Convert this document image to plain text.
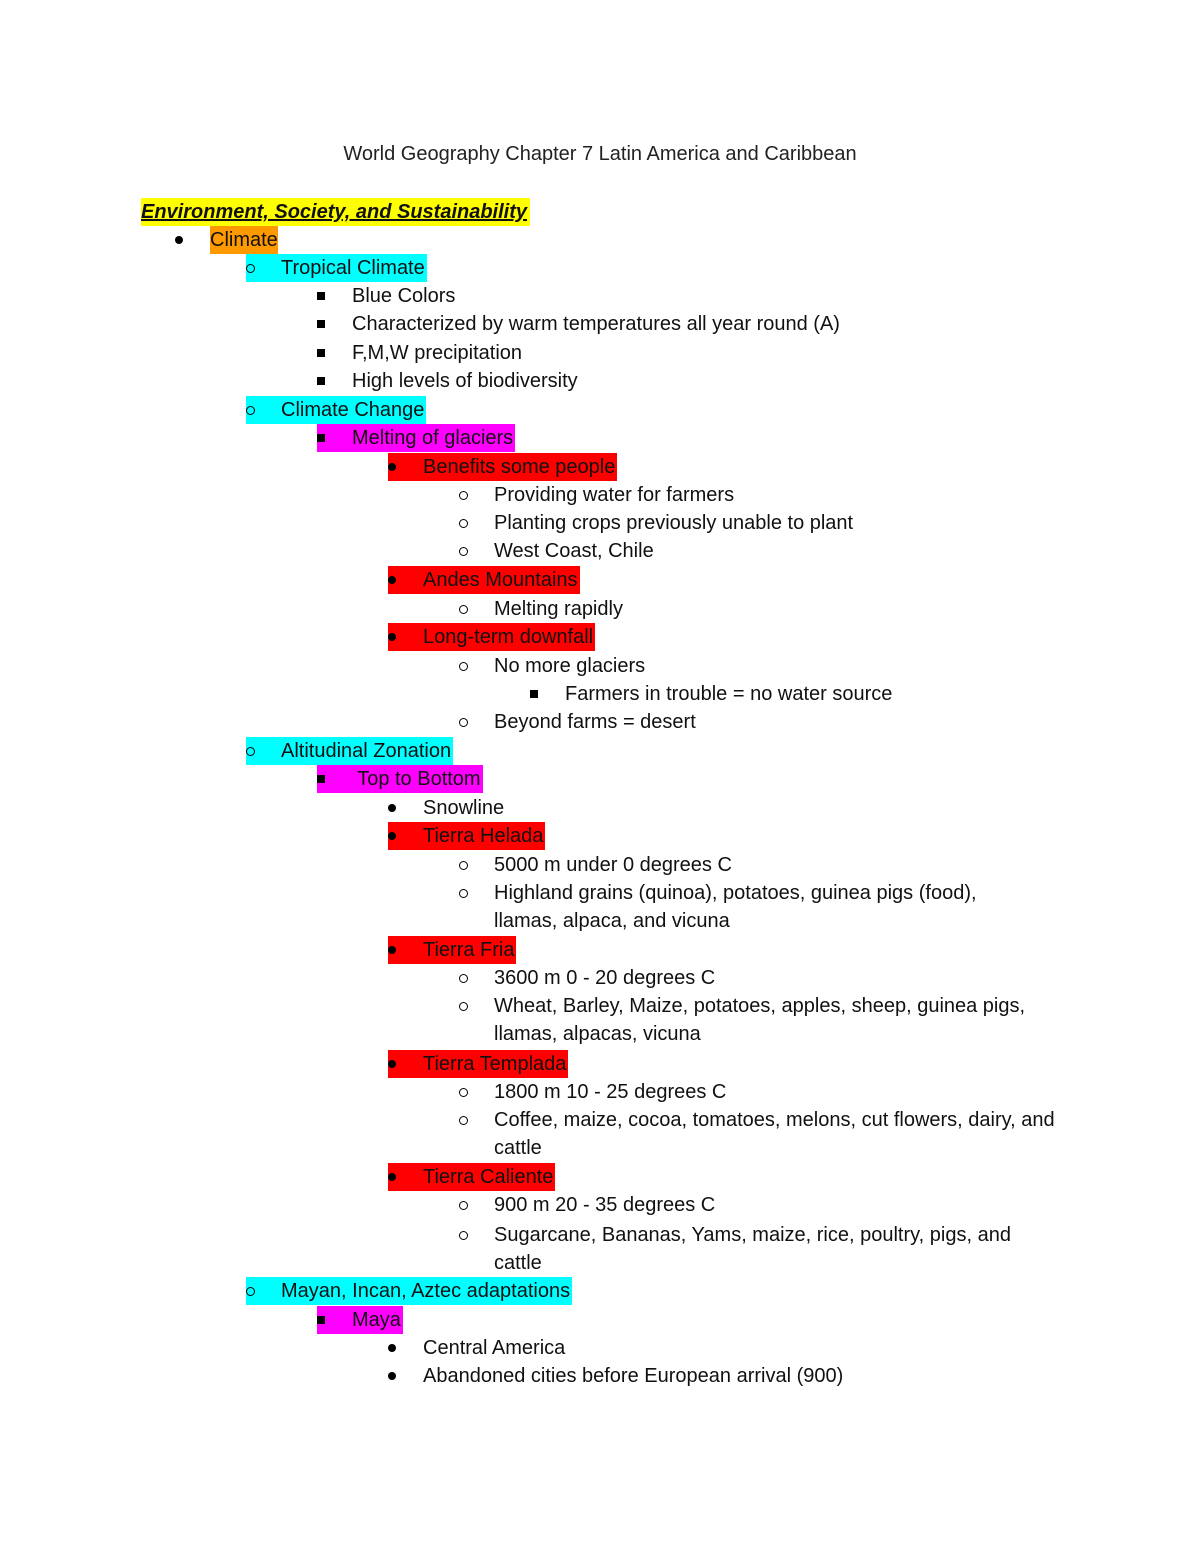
World Geography Chapter 7 Latin America and Caribbean
Environment, Society, and Sustainability
Climate
Tropical Climate
Blue Colors
Characterized by warm temperatures all year round (A)
F,M,W precipitation
High levels of biodiversity
Climate Change
Melting of glaciers
Benefits some people
Providing water for farmers
Planting crops previously unable to plant
West Coast, Chile
Andes Mountains
Melting rapidly
Long-term downfall
No more glaciers
Farmers in trouble = no water source
Beyond farms = desert
Altitudinal Zonation
Top to Bottom
Snowline
Tierra Helada
5000 m under 0 degrees C
Highland grains (quinoa), potatoes, guinea pigs (food), llamas, alpaca, and vicuna
Tierra Fria
3600 m 0 - 20 degrees C
Wheat, Barley, Maize, potatoes, apples, sheep, guinea pigs, llamas, alpacas, vicuna
Tierra Templada
1800 m 10 - 25 degrees C
Coffee, maize, cocoa, tomatoes, melons, cut flowers, dairy, and cattle
Tierra Caliente
900 m 20 - 35 degrees C
Sugarcane, Bananas, Yams, maize, rice, poultry, pigs, and cattle
Mayan, Incan, Aztec adaptations
Maya
Central America
Abandoned cities before European arrival (900)
